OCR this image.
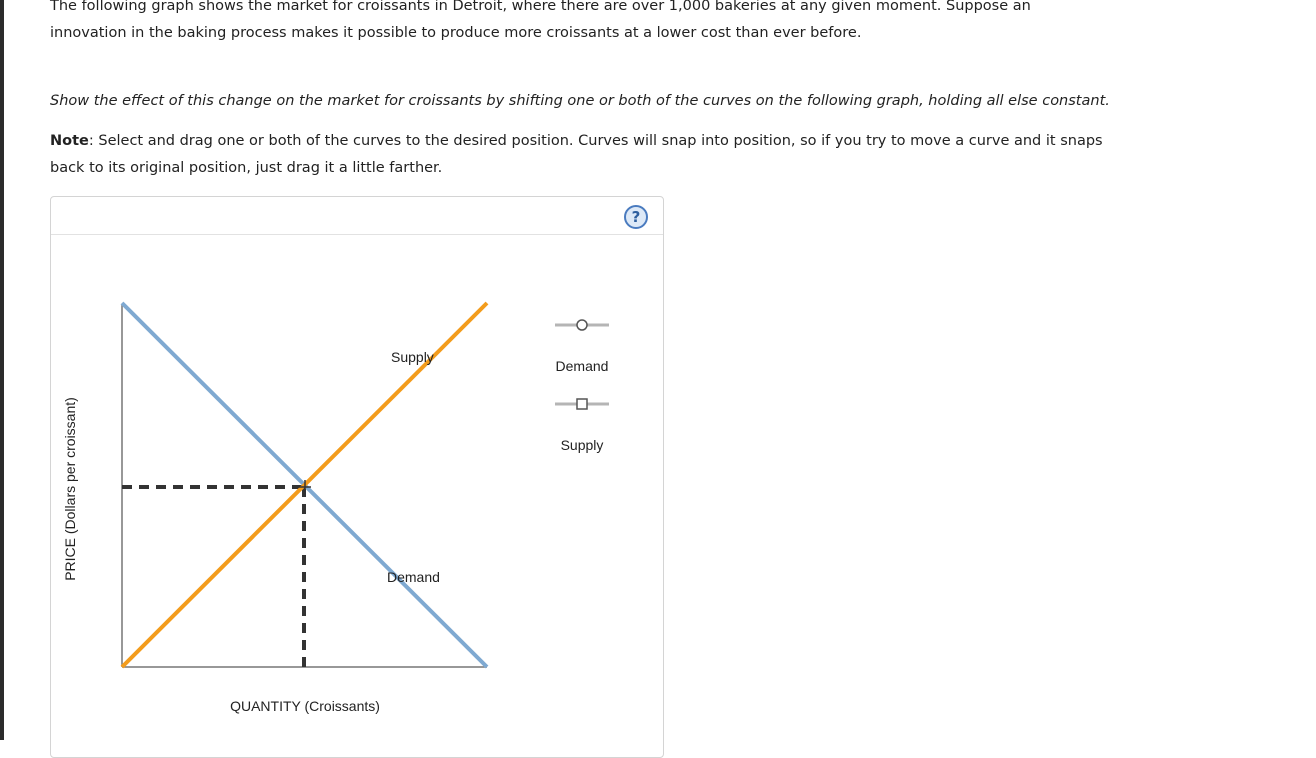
The following graph shows the market for croissants in Detroit, where there are over 1,000 bakeries at any given moment. Suppose an innovation in the baking process makes it possible to produce more croissants at a lower cost than ever before.

Show the effect of this change on the market for croissants by shifting one or both of the curves on the following graph, holding all else constant.

Note: Select and drag one or both of the curves to the desired position. Curves will snap into position, so if you try to move a curve and it snaps back to its original position, just drag it a little farther.

?
Supply
Demand
QUANTITY (Croissants)
PRICE (Dollars per croissant)
Demand
Supply
